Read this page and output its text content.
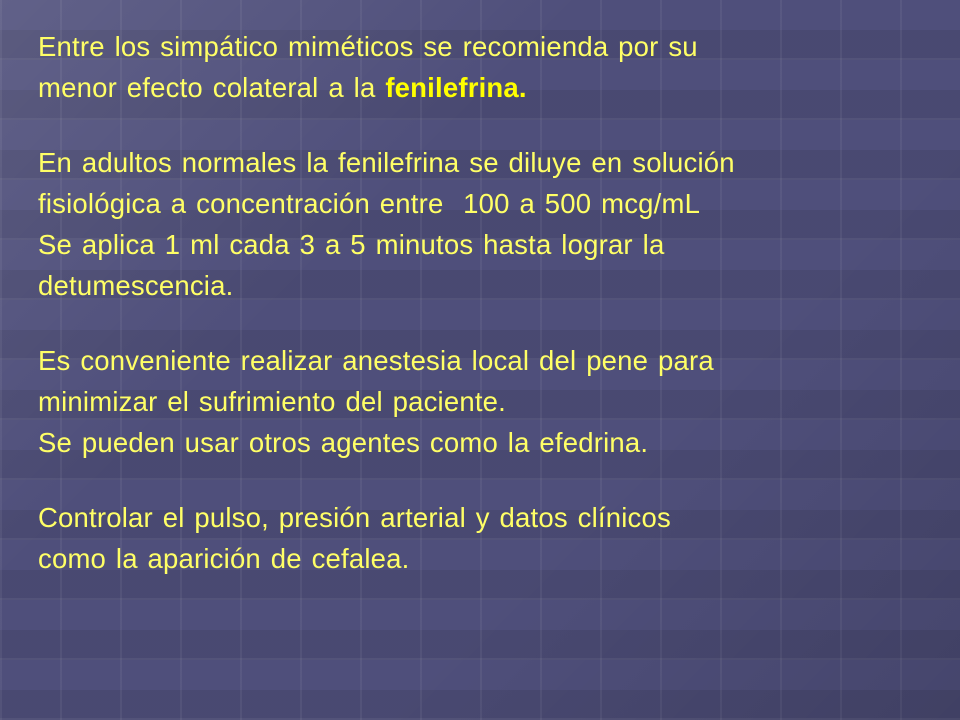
Entre los simpático miméticos se recomienda por su
menor efecto colateral a la fenilefrina.
En adultos normales la fenilefrina se diluye en solución
fisiológica a concentración entre  100 a 500 mcg/mL
Se aplica 1 ml cada 3 a 5 minutos hasta lograr la
detumescencia.
Es conveniente realizar anestesia local del pene para
minimizar el sufrimiento del paciente.
Se pueden usar otros agentes como la efedrina.
Controlar el pulso, presión arterial y datos clínicos
como la aparición de cefalea.
